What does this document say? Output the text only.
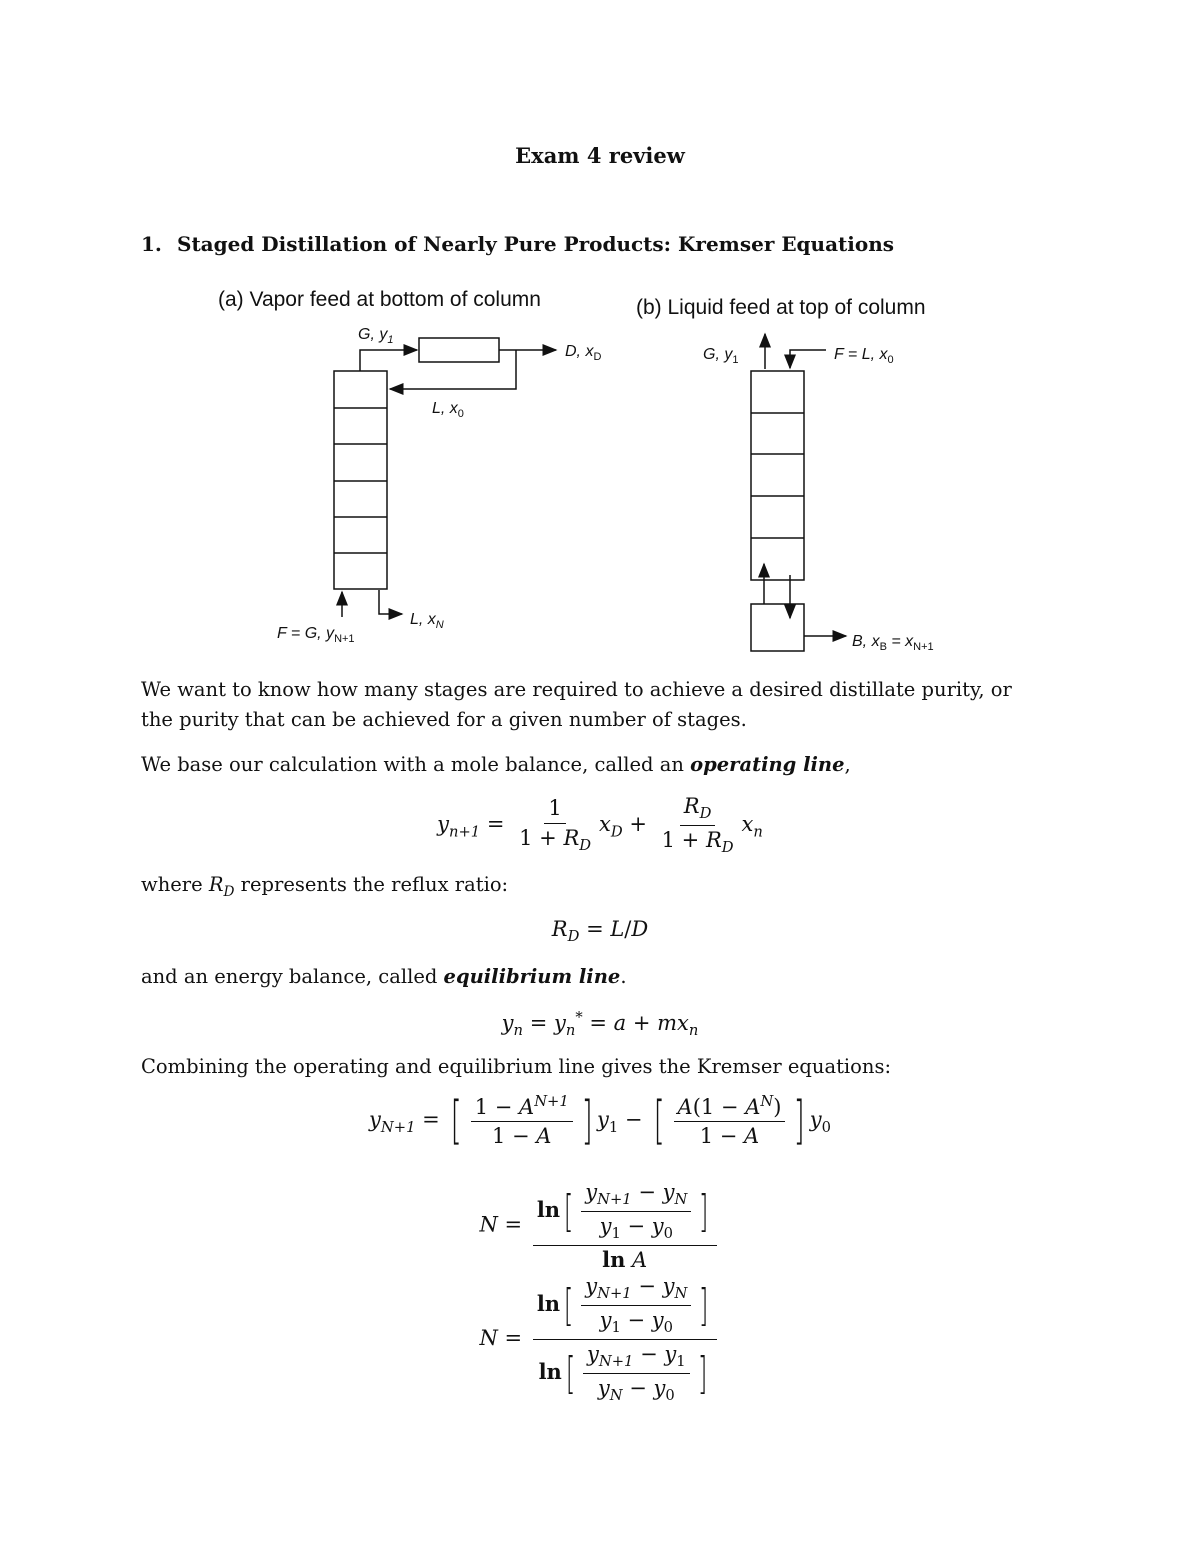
Exam 4 review
1. Staged Distillation of Nearly Pure Products: Kremser Equations
(a) Vapor feed at bottom of column
G, $y_1$
D, $x_D$
L, $x_0$
L, $x_N$
F = G, $y_{N+1}$
(b) Liquid feed at top of column
G, $y_1$	F = L, $x_0$
B, $x_B = x_{N+1}$
We want to know how many stages are required to achieve a desired distillate purity, or the purity that can be achieved for a given number of stages.
We base our calculation with a mole balance, called an operating line,
$y_{n+1} = \frac{1}{1 + R_D} x_D + \frac{R_D}{1 + R_D} x_n$
where $R_D$ represents the reflux ratio:
$R_D = L/D$
and an energy balance, called equilibrium line.
$y_n = y_n^* = a + mx_n$
Combining the operating and equilibrium line gives the Kremser equations:
$y_{N+1}$ = [ $\frac{1 - A^{N+1}}{1 - A}$ ] $y_1$ − [ $\frac{A(1 - A^N)}{1 - A}$ ] $y_0$
$N = \frac{\ln [ \frac{y_{N+1} - y_N}{y_1 - y_0} ]}{\text{ln A}}$
$N = \frac{\ln [ \frac{y_{N+1} - y_N}{y_1 - y_0} ]}{\ln [ \frac{y_{N+1} - y_1}{y_N - y_0} ]}$
